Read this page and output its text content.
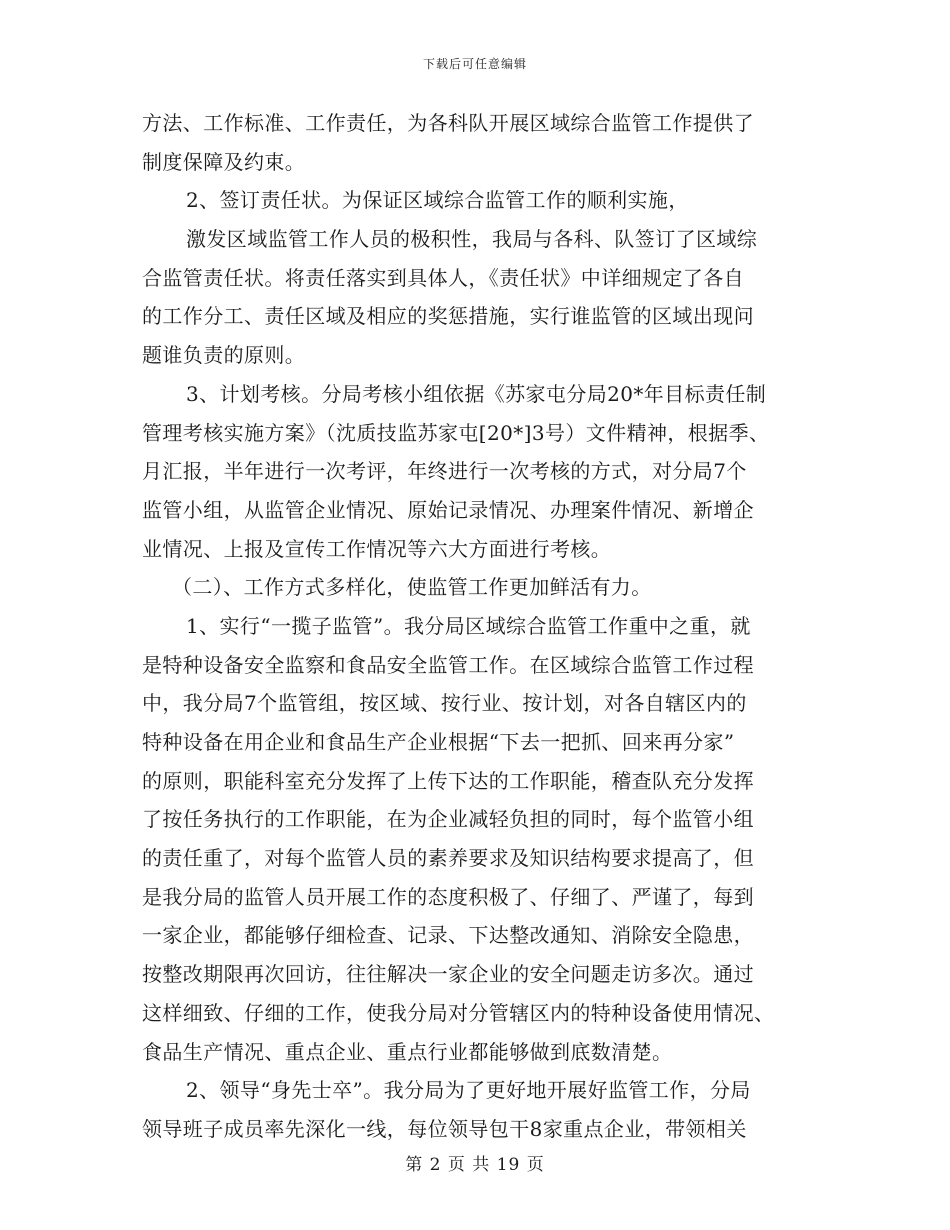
下载后可任意编辑
方法、工作标准、工作责任，为各科队开展区域综合监管工作提供了
制度保障及约束。
2、签订责任状。为保证区域综合监管工作的顺利实施，
激发区域监管工作人员的极积性，我局与各科、队签订了区域综
合监管责任状。将责任落实到具体人，《责任状》中详细规定了各自
的工作分工、责任区域及相应的奖惩措施，实行谁监管的区域出现问
题谁负责的原则。
3、计划考核。分局考核小组依据《苏家屯分局20*年目标责任制
管理考核实施方案》（沈质技监苏家屯[20*]3号）文件精神，根据季、
月汇报，半年进行一次考评，年终进行一次考核的方式，对分局7个
监管小组，从监管企业情况、原始记录情况、办理案件情况、新增企
业情况、上报及宣传工作情况等六大方面进行考核。
（二）、工作方式多样化，使监管工作更加鲜活有力。
1、实行“一揽子监管”。我分局区域综合监管工作重中之重，就
是特种设备安全监察和食品安全监管工作。在区域综合监管工作过程
中，我分局7个监管组，按区域、按行业、按计划，对各自辖区内的
特种设备在用企业和食品生产企业根据“下去一把抓、回来再分家”
的原则，职能科室充分发挥了上传下达的工作职能，稽查队充分发挥
了按任务执行的工作职能，在为企业减轻负担的同时，每个监管小组
的责任重了，对每个监管人员的素养要求及知识结构要求提高了，但
是我分局的监管人员开展工作的态度积极了、仔细了、严谨了，每到
一家企业，都能够仔细检查、记录、下达整改通知、消除安全隐患，
按整改期限再次回访，往往解决一家企业的安全问题走访多次。通过
这样细致、仔细的工作，使我分局对分管辖区内的特种设备使用情况、
食品生产情况、重点企业、重点行业都能够做到底数清楚。
2、领导“身先士卒”。我分局为了更好地开展好监管工作，分局
领导班子成员率先深化一线，每位领导包干8家重点企业，带领相关
第 2 页 共 19 页
